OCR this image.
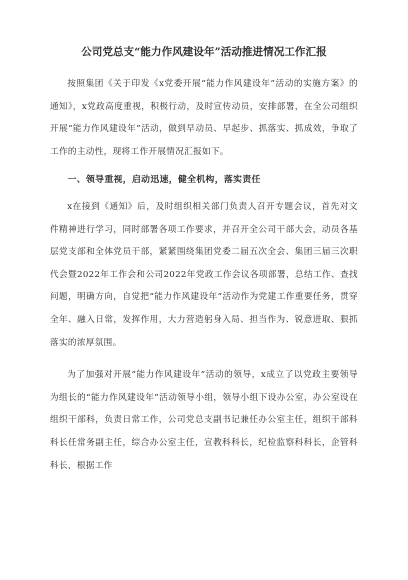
公司党总支“能力作风建设年”活动推进情况工作汇报

按照集团《关于印发《x党委开展“能力作风建设年”活动的实施方案》的通知》，x党政高度重视，积极行动，及时宣传动员，安排部署，在全公司组织开展“能力作风建设年”活动，做到早动员、早起步、抓落实、抓成效，争取了工作的主动性，现将工作开展情况汇报如下。

一、领导重视，启动迅速，健全机构，落实责任

x在接到《通知》后，及时组织相关部门负责人召开专题会议，首先对文件精神进行学习，同时部署各项工作要求，并召开全公司干部大会，动员各基层党支部和全体党员干部，紧紧围绕集团党委二届五次全会、集团三届三次职代会暨2022年工作会和公司2022年党政工作会议各项部署，总结工作、查找问题，明确方向，自觉把“能力作风建设年”活动作为党建工作重要任务，贯穿全年、融入日常，发挥作用，大力营造躬身入局、担当作为、锐意进取、狠抓落实的浓厚氛围。

为了加强对开展“能力作风建设年”活动的领导，x成立了以党政主要领导为组长的“能力作风建设年”活动领导小组，领导小组下设办公室，办公室设在组织干部科，负责日常工作，公司党总支副书记兼任办公室主任，组织干部科科长任常务副主任，综合办公室主任，宣教科科长，纪检监察科科长，企管科科长，根据工作
